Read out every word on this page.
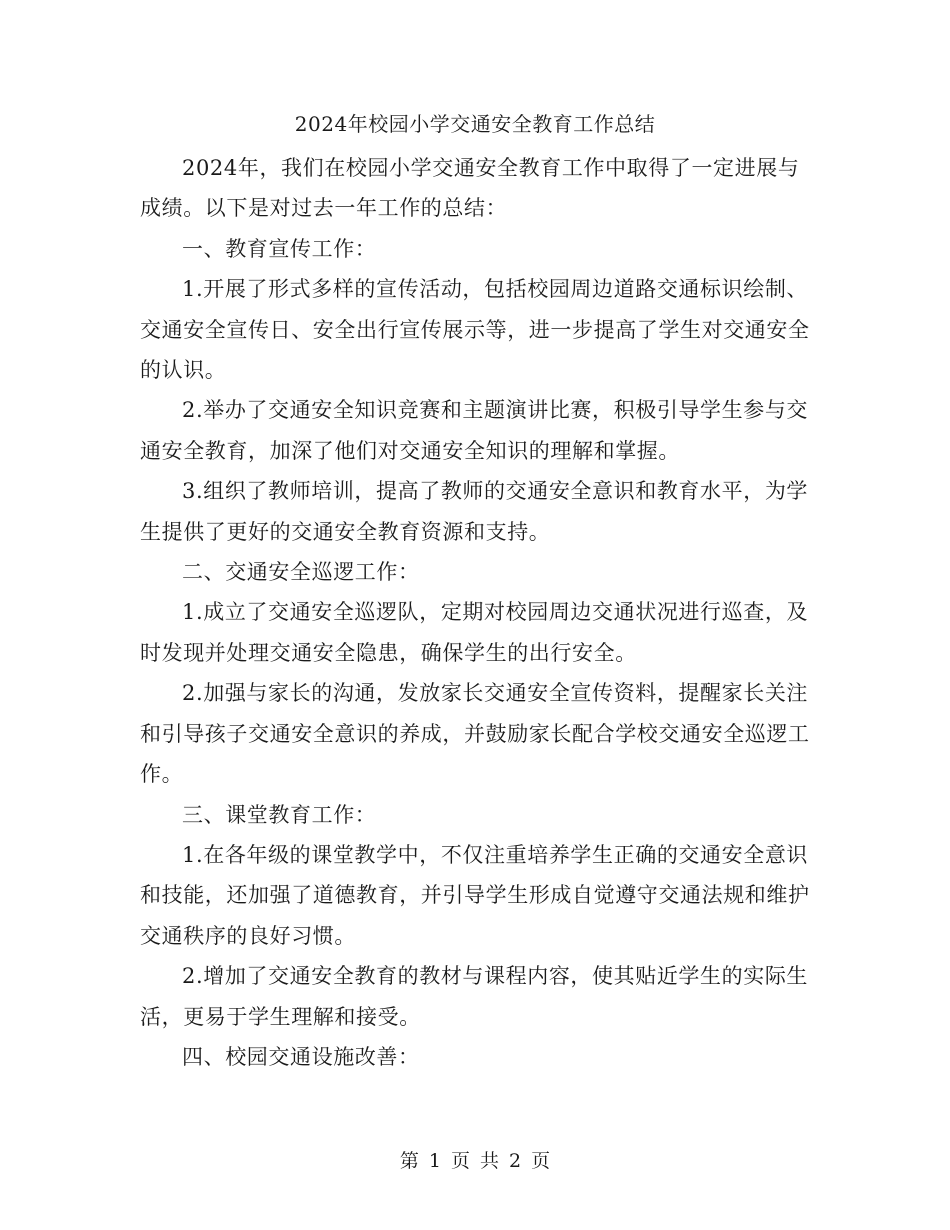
2024年校园小学交通安全教育工作总结

2024年，我们在校园小学交通安全教育工作中取得了一定进展与成绩。以下是对过去一年工作的总结：

一、教育宣传工作：

1.开展了形式多样的宣传活动，包括校园周边道路交通标识绘制、交通安全宣传日、安全出行宣传展示等，进一步提高了学生对交通安全的认识。

2.举办了交通安全知识竞赛和主题演讲比赛，积极引导学生参与交通安全教育，加深了他们对交通安全知识的理解和掌握。

3.组织了教师培训，提高了教师的交通安全意识和教育水平，为学生提供了更好的交通安全教育资源和支持。

二、交通安全巡逻工作：

1.成立了交通安全巡逻队，定期对校园周边交通状况进行巡查，及时发现并处理交通安全隐患，确保学生的出行安全。

2.加强与家长的沟通，发放家长交通安全宣传资料，提醒家长关注和引导孩子交通安全意识的养成，并鼓励家长配合学校交通安全巡逻工作。

三、课堂教育工作：

1.在各年级的课堂教学中，不仅注重培养学生正确的交通安全意识和技能，还加强了道德教育，并引导学生形成自觉遵守交通法规和维护交通秩序的良好习惯。

2.增加了交通安全教育的教材与课程内容，使其贴近学生的实际生活，更易于学生理解和接受。

四、校园交通设施改善：

第 1 页 共 2 页
